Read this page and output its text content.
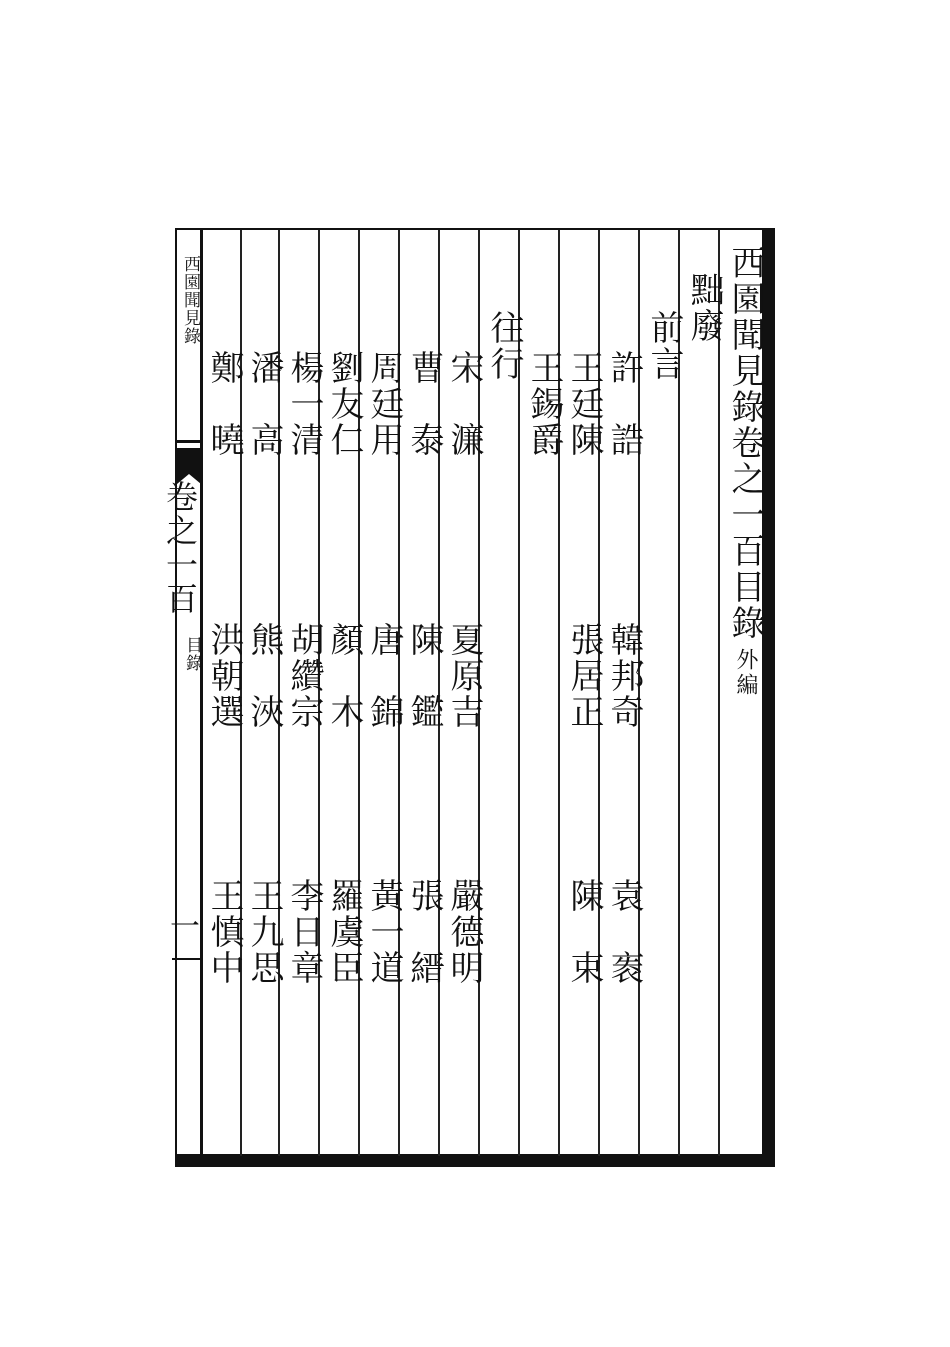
西園聞見錄卷之一百目錄
外編
黜廢
前言
許　誥
韓邦奇
袁　袠
王廷陳
張居正
陳　束
王錫爵
往行
宋　濂
夏原吉
嚴德明
曹　泰
陳　鑑
張　縉
周廷用
唐　錦
黃一道
劉友仁
顏　木
羅虞臣
楊一清
胡纘宗
李日章
潘　高
熊　浹
王九思
鄭　曉
洪朝選
王慎中
西園聞見錄
卷之一百
目錄
一
